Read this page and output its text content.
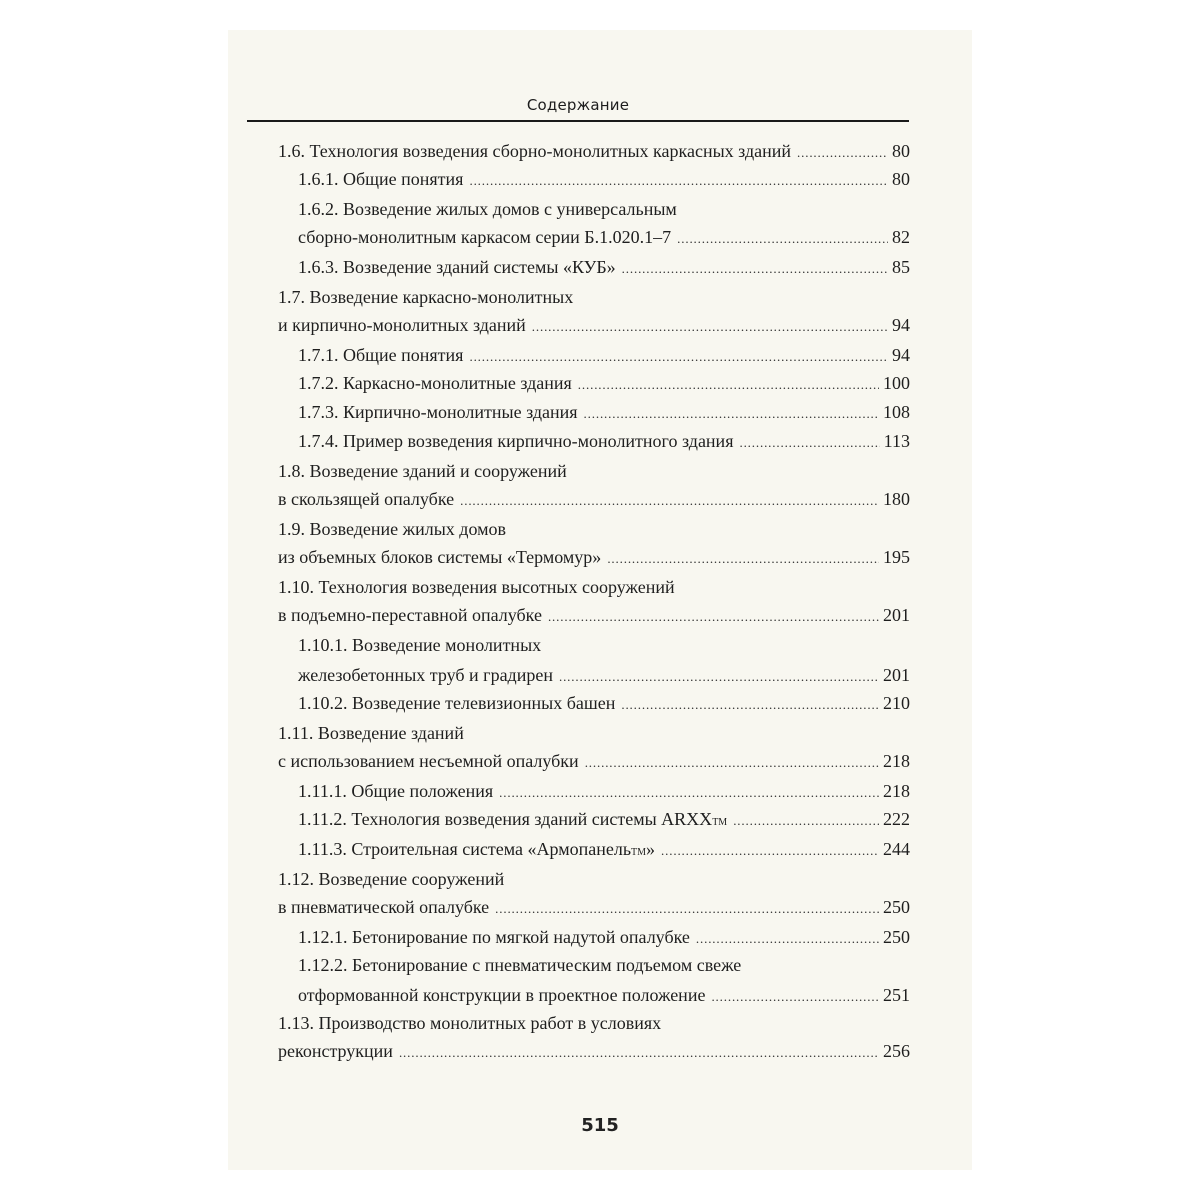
Содержание
1.6. Технология возведения сборно-монолитных каркасных зданий . . .	80
1.6.1. Общие понятия . . .	80
1.6.2. Возведение жилых домов с универсальным
сборно-монолитным каркасом серии Б.1.020.1–7 . . .	82
1.6.3. Возведение зданий системы «КУБ» . . .	85
1.7. Возведение каркасно-монолитных
и кирпично-монолитных зданий . . .	94
1.7.1. Общие понятия . . .	94
1.7.2. Каркасно-монолитные здания . . .	100
1.7.3. Кирпично-монолитные здания . . .	108
1.7.4. Пример возведения кирпично-монолитного здания . . .	113
1.8. Возведение зданий и сооружений
в скользящей опалубке . . .	180
1.9. Возведение жилых домов
из объемных блоков системы «Термомур» . . .	195
1.10. Технология возведения высотных сооружений
в подъемно-переставной опалубке . . .	201
1.10.1. Возведение монолитных
железобетонных труб и градирен . . .	201
1.10.2. Возведение телевизионных башен . . .	210
1.11. Возведение зданий
с использованием несъемной опалубки . . .	218
1.11.1. Общие положения . . .	218
1.11.2. Технология возведения зданий системы ARXX TM . . .	222
1.11.3. Строительная система «Армопанель TM » . . .	244
1.12. Возведение сооружений
в пневматической опалубке . . .	250
1.12.1. Бетонирование по мягкой надутой опалубке . . .	250
1.12.2. Бетонирование с пневматическим подъемом свеже
отформованной конструкции в проектное положение . . .	251
1.13. Производство монолитных работ в условиях
реконструкции . . .	256
515
